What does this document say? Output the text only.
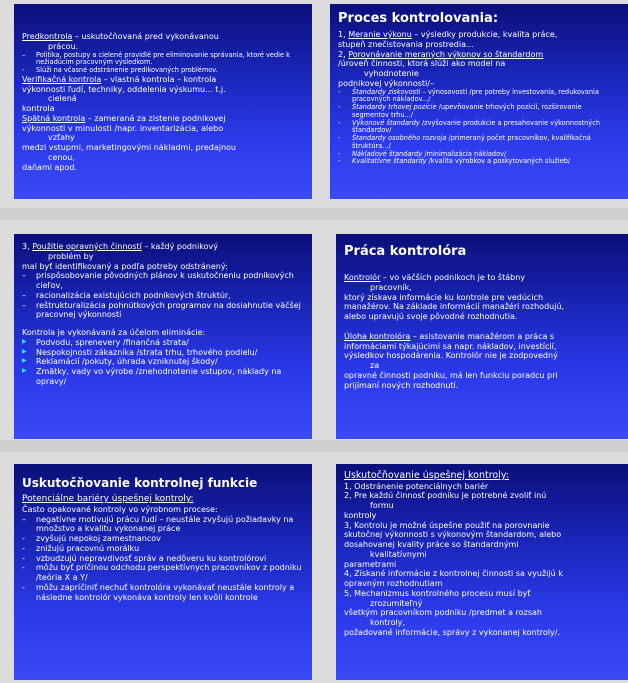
Predkontrola – uskutočňovaná pred vykonávanou

prácou.

– Politika, postupy a cielené pravidlé pre eliminovanie správania, ktoré vedie k nežiadúcim pracovným výsledkom.
- Slúži na včasné odstránenie predikovaných problémov.

Verifikačná kontrola – vlastná kontrola – kontrola

výkonnosti ľudí, techniky, oddelenia výskumu... t.j.

cielená

kontrola

Spätná kontrola – zameraná za zistenie podnikovej

výkonnosti v minulosti /napr. inventarizácia, alebo

vzťahy

medzi vstupmi, marketingovými nákladmi, predajnou

cenou,

daňami apod.

Proces kontrolovania:

1, Meranie výkonu – výsledky produkcie, kvalita práce,

stupeň znečistovania prostredia...

2, Porovnávanie meraných výkonov so štandardom

/úroveň činnosti, ktorá slúži ako model na

vyhodnotenie

podnikovej výkonnosti/–

- Štandardy ziskovosti – výnosovosti /pre potreby investovania, redukovania pracovných nákladov.../
- Štandardy trhovej pozície /upevňovanie trhových pozícií, rozširovanie segmentov trhu.../
- Výkonové štandardy /zvyšovanie produkcie a presahovanie výkonnostných štandardov/
- Štandardy osobného rozvoja /primeraný počet pracovníkov, kvalifikačná štruktúra.../
- Nákladové štandardy /minimalizácia nákladov/
- Kvalitatívne štandardy /kvalita výrobkov a poskytovaných služieb/

3, Použitie opravných činností – každý podnikový

problém by

mal byť identifikovaný a podľa potreby odstránený:

– prispôsobovanie pôvodných plánov k uskutočneniu podnikových cieľov,
– racionalizácia existujúcich podnikových štruktúr,
– reštrukturalizácia pohnútkových programov na dosiahnutie väčšej pracovnej výkonnosti

Kontrola je vykonávaná za účelom eliminácie:

▶ Podvodu, sprenevery /finančná strata/
▶ Nespokojnosti zákazníka /strata trhu, trhového podielu/
▶ Reklamácií /pokuty, úhrada vzniknutej škody/
▶ Zmätky, vady vo výrobe /znehodnotenie vstupov, náklady na opravy/
Práca kontrolóra

Kontrolór – vo väčších podnikoch je to štábny

pracovník,

ktorý získava informácie ku kontrole pre vedúcich

manažérov. Na základe informácií manažéri rozhodujú,

alebo upravujú svoje pôvodné rozhodnutia.

Úloha kontrolóra – asistovanie manažérom a práca s

informáciami týkajúcimi sa napr. nákladov, investícií,

výsledkov hospodárenia. Kontrolór nie je zodpovedný

za

opravné činnosti podniku, má len funkciu poradcu pri

prijímaní nových rozhodnutí.

Uskutočňovanie kontrolnej funkcie

Potenciálne bariéry úspešnej kontroly:

Často opakované kontroly vo výrobnom procese:

– negatívne motivujú prácu ľudí – neustále zvyšujú požiadavky na množstvo a kvalitu vykonanej práce
- zvyšujú nepokoj zamestnancov
- znižujú pracovnú morálku
- vzbudzujú nepravdivosť správ a nedôveru ku kontrolórovi
- môžu byť príčinou odchodu perspektívnych pracovníkov z podniku /teória X a Y/
- môžu zapríčiniť nechuť kontrolóra vykonávať neustále kontroly a následne kontrolór vykonáva kontroly len kvôli kontrole

Uskutočňovanie úspešnej kontroly:

1, Odstránenie potenciálnych bariér

2, Pre každú činnosť podniku je potrebné zvoliť inú

formu

kontroly

3, Kontrolu je možné úspešne použiť na porovnanie

skutočnej výkonnosti s výkonovým štandardom, alebo

dosahovanej kvality práce so štandardnými

kvalitatívnymi

parametrami

4, Získané informácie z kontrolnej činnosti sa využijú k

opravným rozhodnutiam

5, Mechanizmus kontrolného procesu musí byť

zrozumiteľný

všetkým pracovníkom podniku /predmet a rozsah

kontroly,

požadované informácie, správy z vykonanej kontroly/.
